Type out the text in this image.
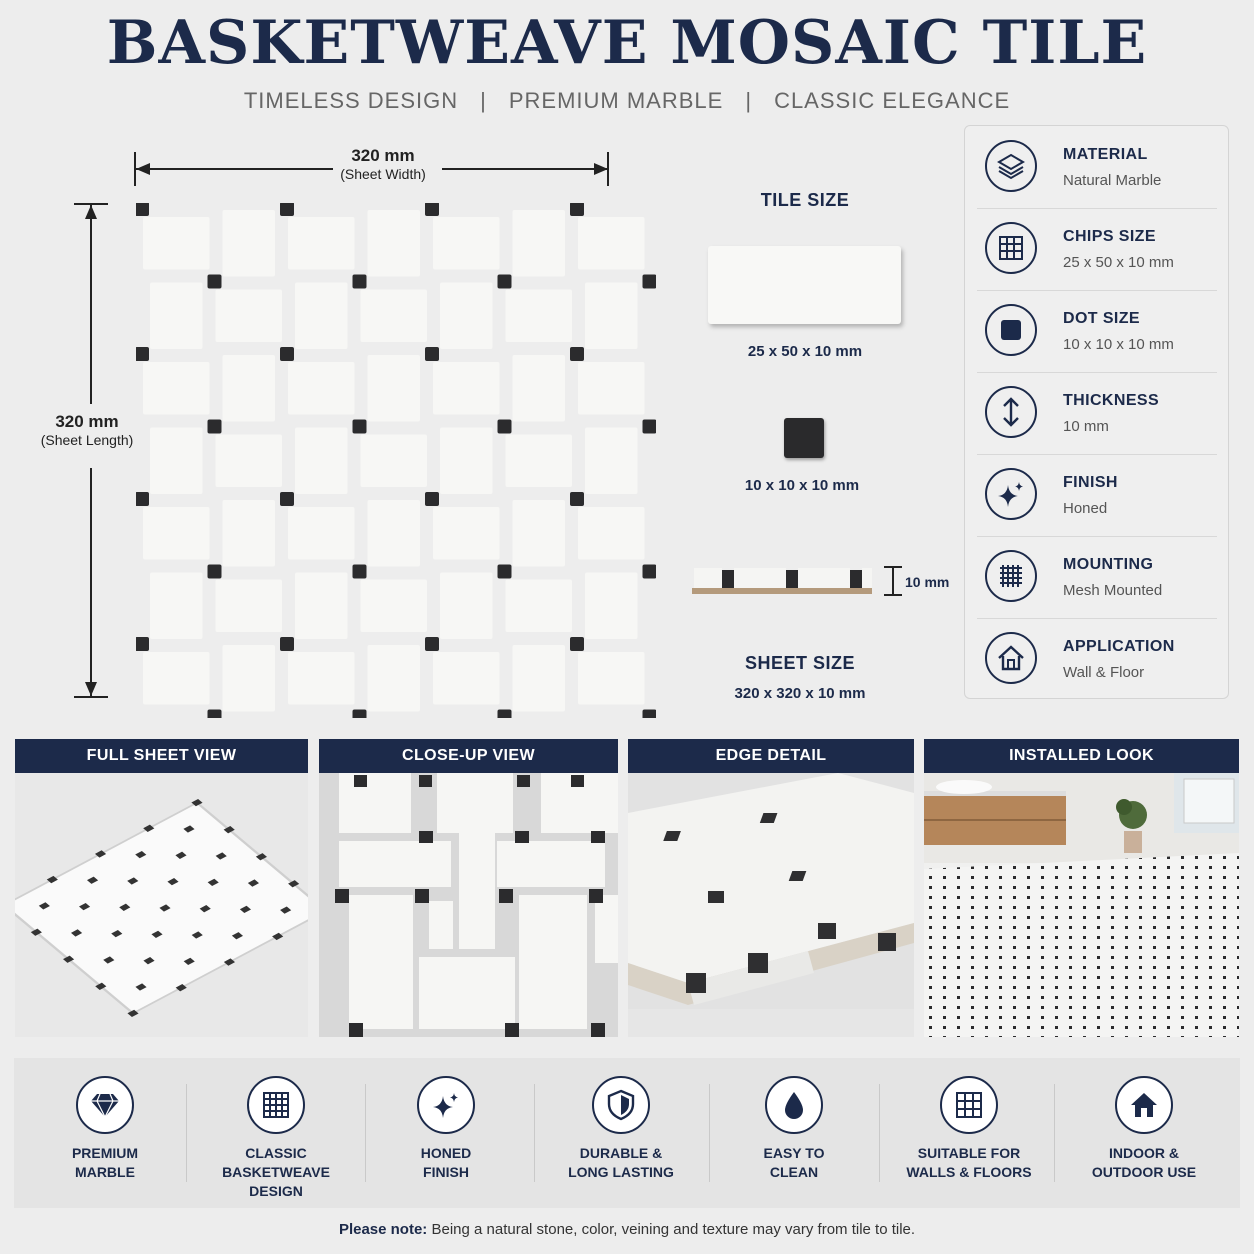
BASKETWEAVE MOSAIC TILE
TIMELESS DESIGN | PREMIUM MARBLE | CLASSIC ELEGANCE
320 mm
(Sheet Width)
320 mm
(Sheet Length)
TILE SIZE
25 x 50 x 10 mm
10 x 10 x 10 mm
10 mm
SHEET SIZE
320 x 320 x 10 mm
MATERIAL
Natural Marble
CHIPS SIZE
25 x 50 x 10 mm
DOT SIZE
10 x 10 x 10 mm
THICKNESS
10 mm
FINISH
Honed
MOUNTING
Mesh Mounted
APPLICATION
Wall & Floor
FULL SHEET VIEW	CLOSE-UP VIEW	EDGE DETAIL	INSTALLED LOOK
PREMIUM
MARBLE
CLASSIC
BASKETWEAVE
DESIGN
HONED
FINISH
DURABLE &
LONG LASTING
EASY TO
CLEAN
SUITABLE FOR
WALLS & FLOORS
INDOOR &
OUTDOOR USE
Please note: Being a natural stone, color, veining and texture may vary from tile to tile.
